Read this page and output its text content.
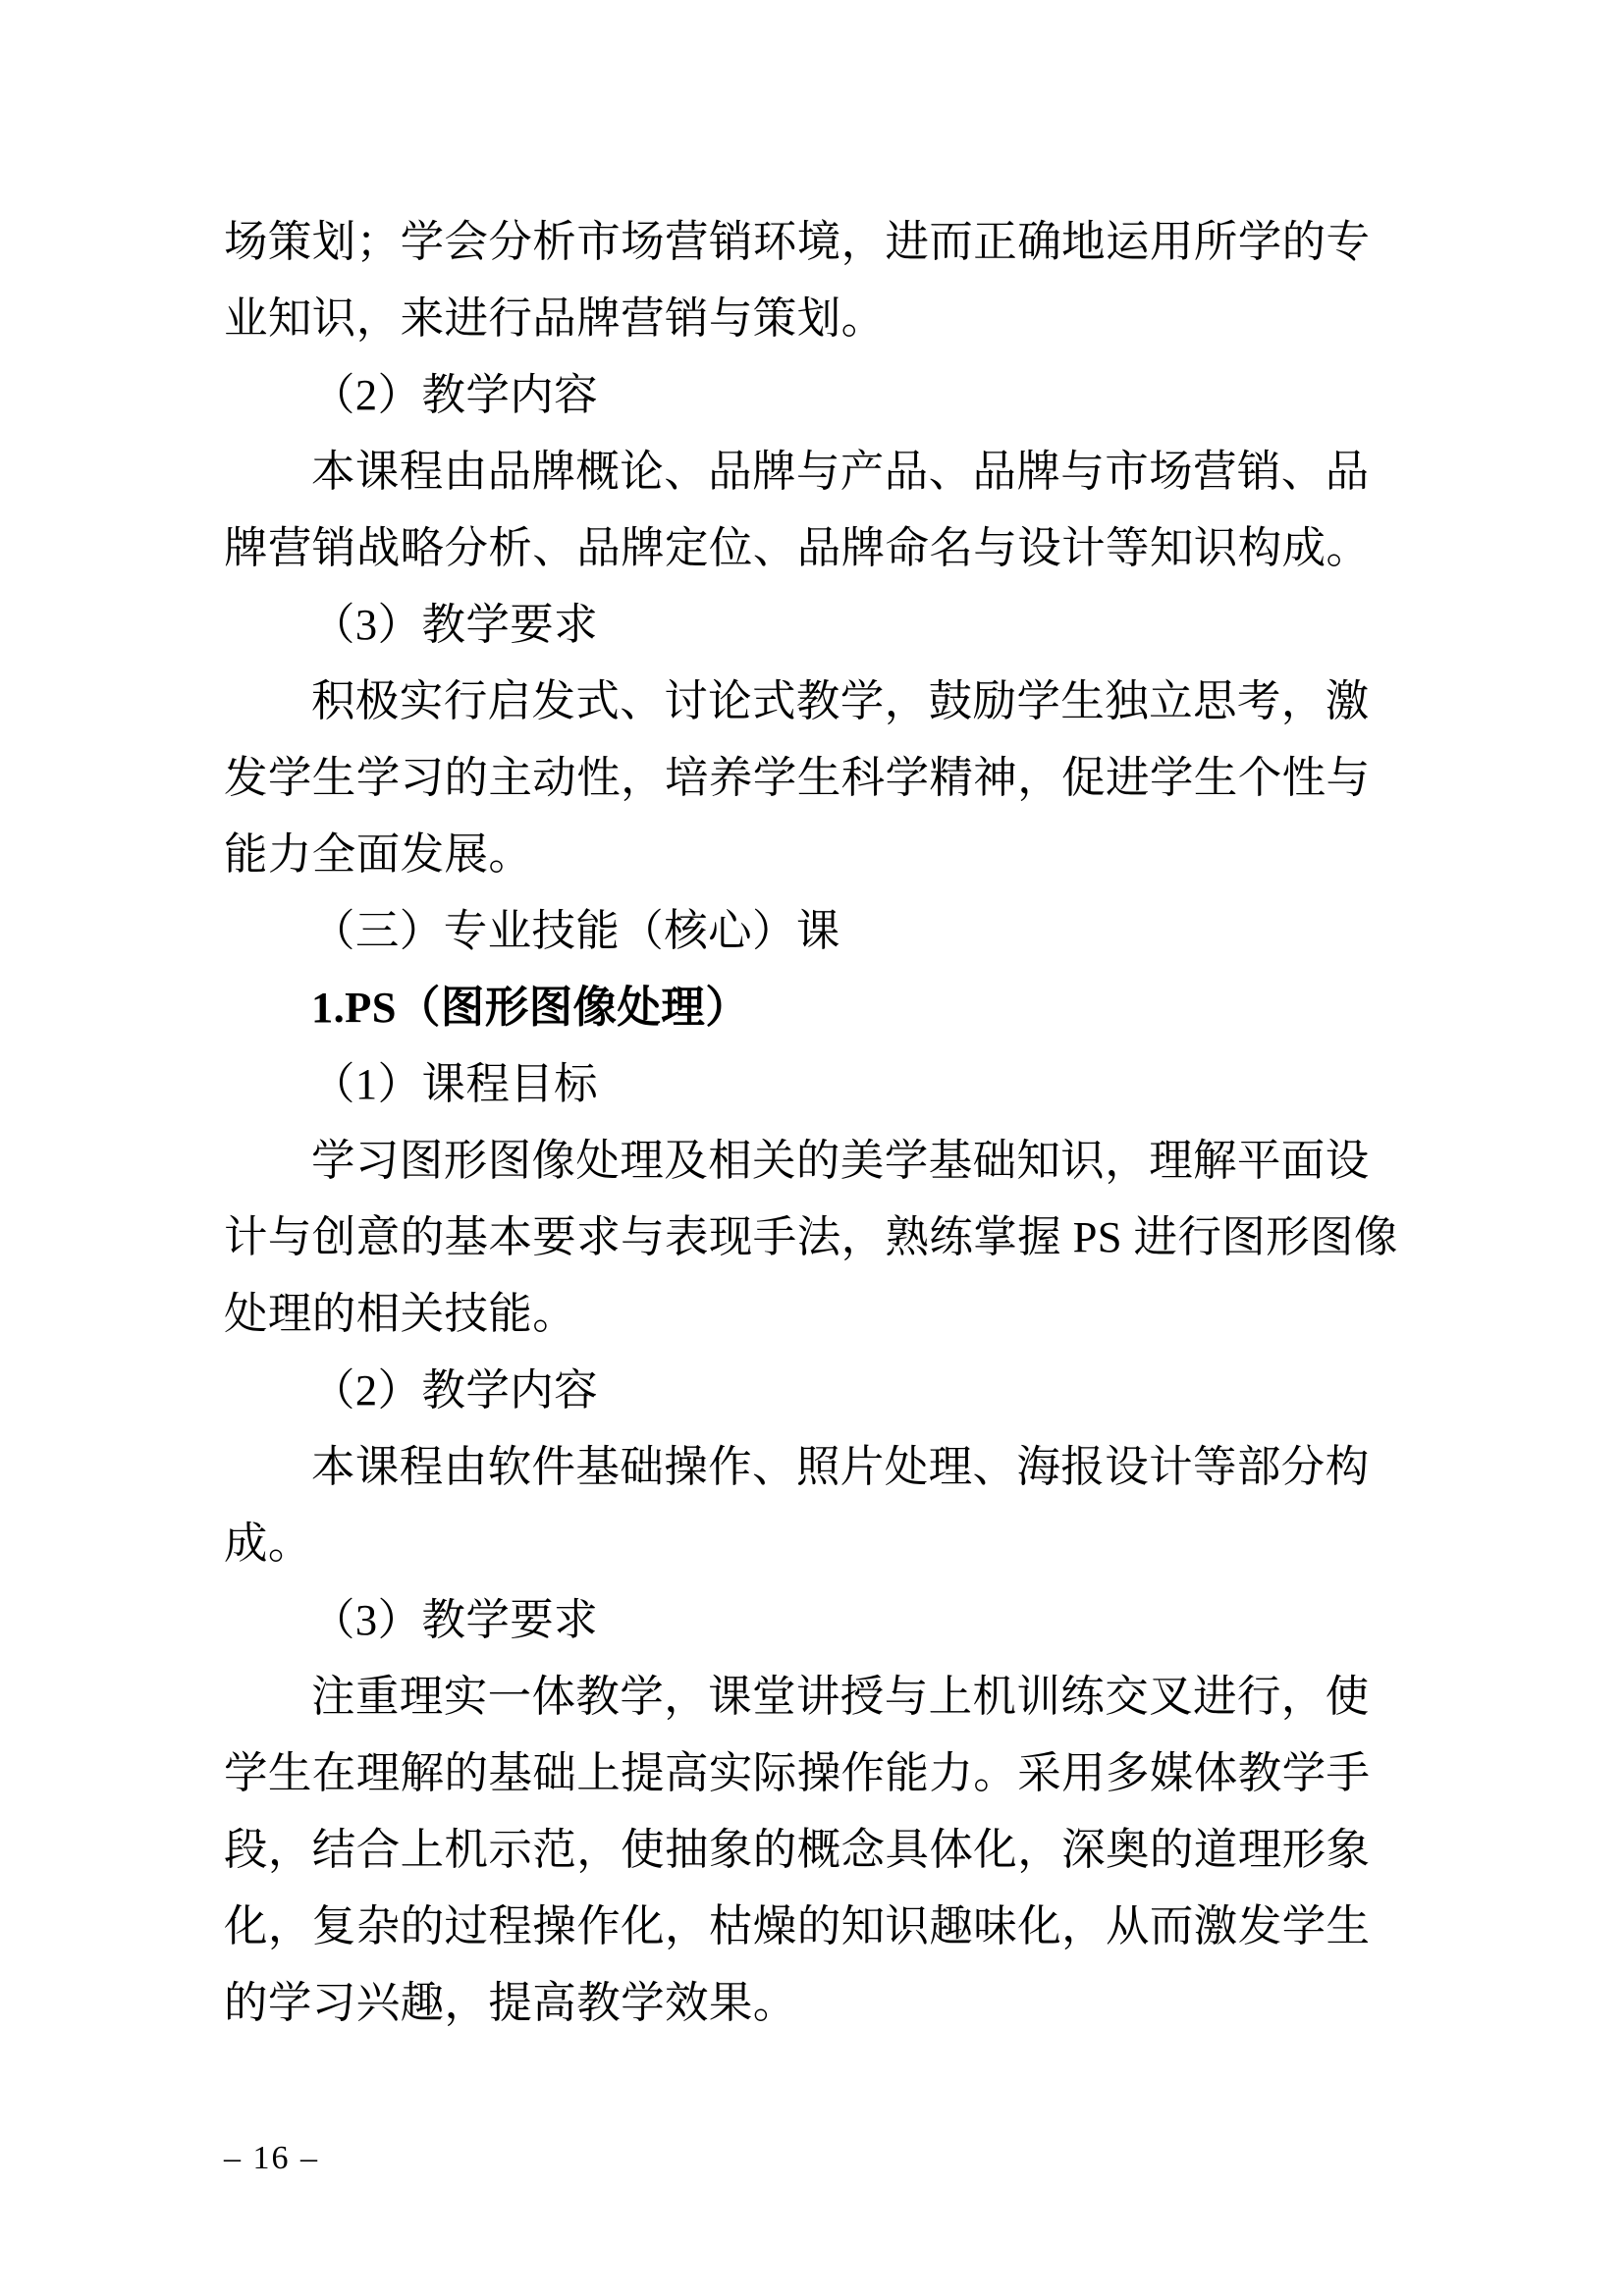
场策划；学会分析市场营销环境，进而正确地运用所学的专
业知识，来进行品牌营销与策划。
（2）教学内容
本课程由品牌概论、品牌与产品、品牌与市场营销、品
牌营销战略分析、品牌定位、品牌命名与设计等知识构成。
（3）教学要求
积极实行启发式、讨论式教学，鼓励学生独立思考，激
发学生学习的主动性，培养学生科学精神，促进学生个性与
能力全面发展。
（三）专业技能（核心）课
1.PS（图形图像处理）
（1）课程目标
学习图形图像处理及相关的美学基础知识，理解平面设
计与创意的基本要求与表现手法，熟练掌握 PS 进行图形图像
处理的相关技能。
（2）教学内容
本课程由软件基础操作、照片处理、海报设计等部分构
成。
（3）教学要求
注重理实一体教学，课堂讲授与上机训练交叉进行，使
学生在理解的基础上提高实际操作能力。采用多媒体教学手
段，结合上机示范，使抽象的概念具体化，深奥的道理形象
化，复杂的过程操作化，枯燥的知识趣味化，从而激发学生
的学习兴趣，提高教学效果。
– 16 –
